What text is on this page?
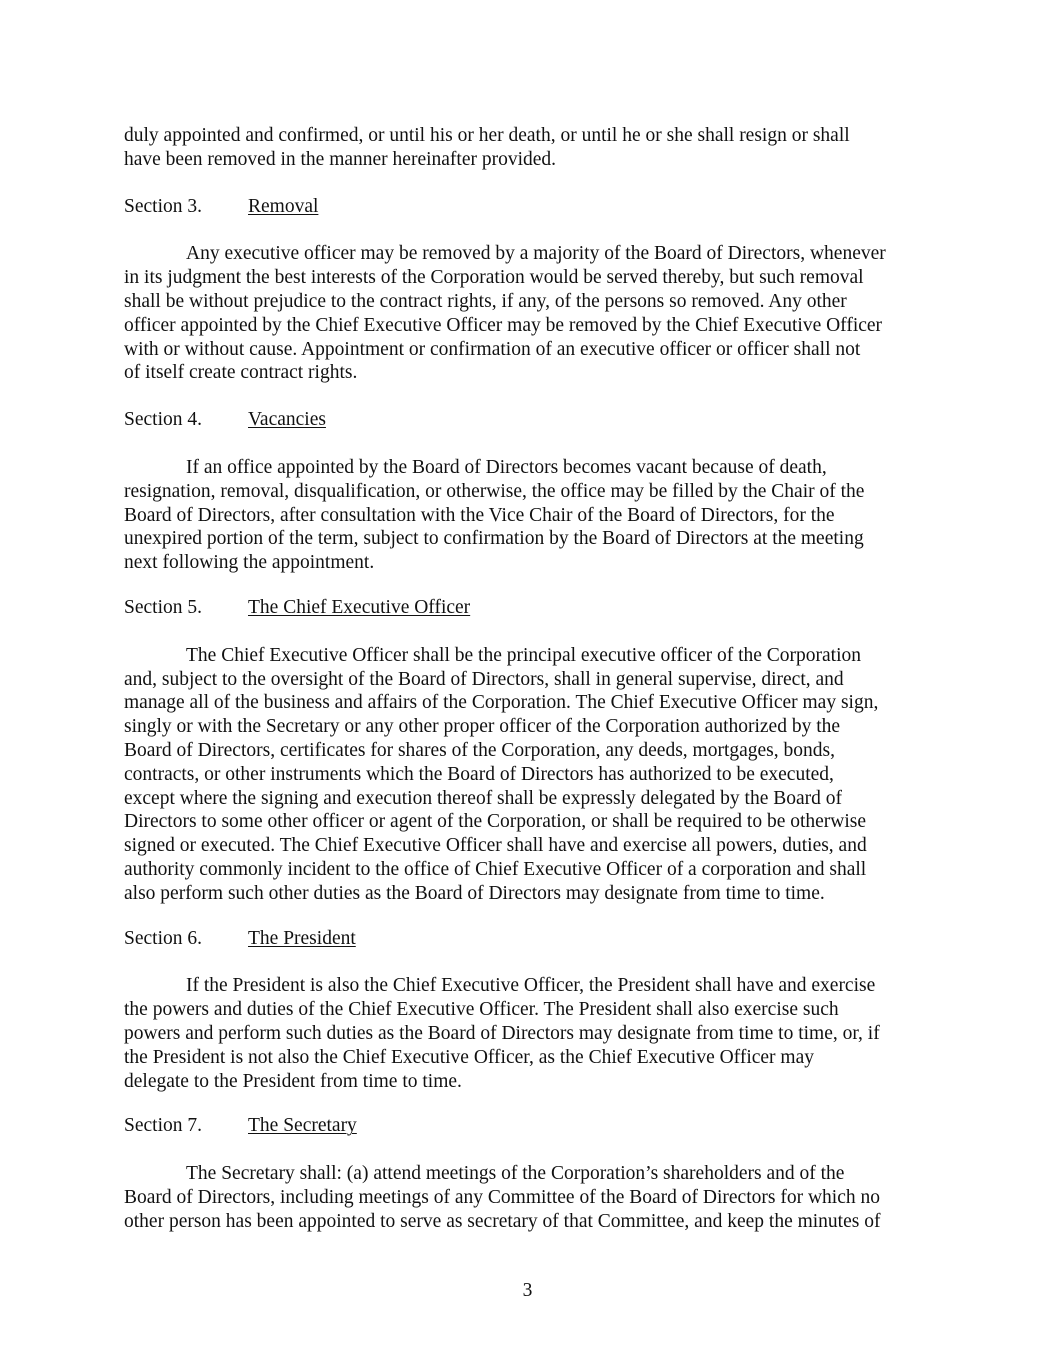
duly appointed and confirmed, or until his or her death, or until he or she shall resign or shall
have been removed in the manner hereinafter provided.

Section 3.	Removal

Any executive officer may be removed by a majority of the Board of Directors, whenever
in its judgment the best interests of the Corporation would be served thereby, but such removal
shall be without prejudice to the contract rights, if any, of the persons so removed. Any other
officer appointed by the Chief Executive Officer may be removed by the Chief Executive Officer
with or without cause. Appointment or confirmation of an executive officer or officer shall not
of itself create contract rights.

Section 4.	Vacancies

If an office appointed by the Board of Directors becomes vacant because of death,
resignation, removal, disqualification, or otherwise, the office may be filled by the Chair of the
Board of Directors, after consultation with the Vice Chair of the Board of Directors, for the
unexpired portion of the term, subject to confirmation by the Board of Directors at the meeting
next following the appointment.

Section 5.	The Chief Executive Officer

The Chief Executive Officer shall be the principal executive officer of the Corporation
and, subject to the oversight of the Board of Directors, shall in general supervise, direct, and
manage all of the business and affairs of the Corporation. The Chief Executive Officer may sign,
singly or with the Secretary or any other proper officer of the Corporation authorized by the
Board of Directors, certificates for shares of the Corporation, any deeds, mortgages, bonds,
contracts, or other instruments which the Board of Directors has authorized to be executed,
except where the signing and execution thereof shall be expressly delegated by the Board of
Directors to some other officer or agent of the Corporation, or shall be required to be otherwise
signed or executed. The Chief Executive Officer shall have and exercise all powers, duties, and
authority commonly incident to the office of Chief Executive Officer of a corporation and shall
also perform such other duties as the Board of Directors may designate from time to time.

Section 6.	The President

If the President is also the Chief Executive Officer, the President shall have and exercise
the powers and duties of the Chief Executive Officer. The President shall also exercise such
powers and perform such duties as the Board of Directors may designate from time to time, or, if
the President is not also the Chief Executive Officer, as the Chief Executive Officer may
delegate to the President from time to time.

Section 7.	The Secretary

The Secretary shall: (a) attend meetings of the Corporation’s shareholders and of the
Board of Directors, including meetings of any Committee of the Board of Directors for which no
other person has been appointed to serve as secretary of that Committee, and keep the minutes of

3
